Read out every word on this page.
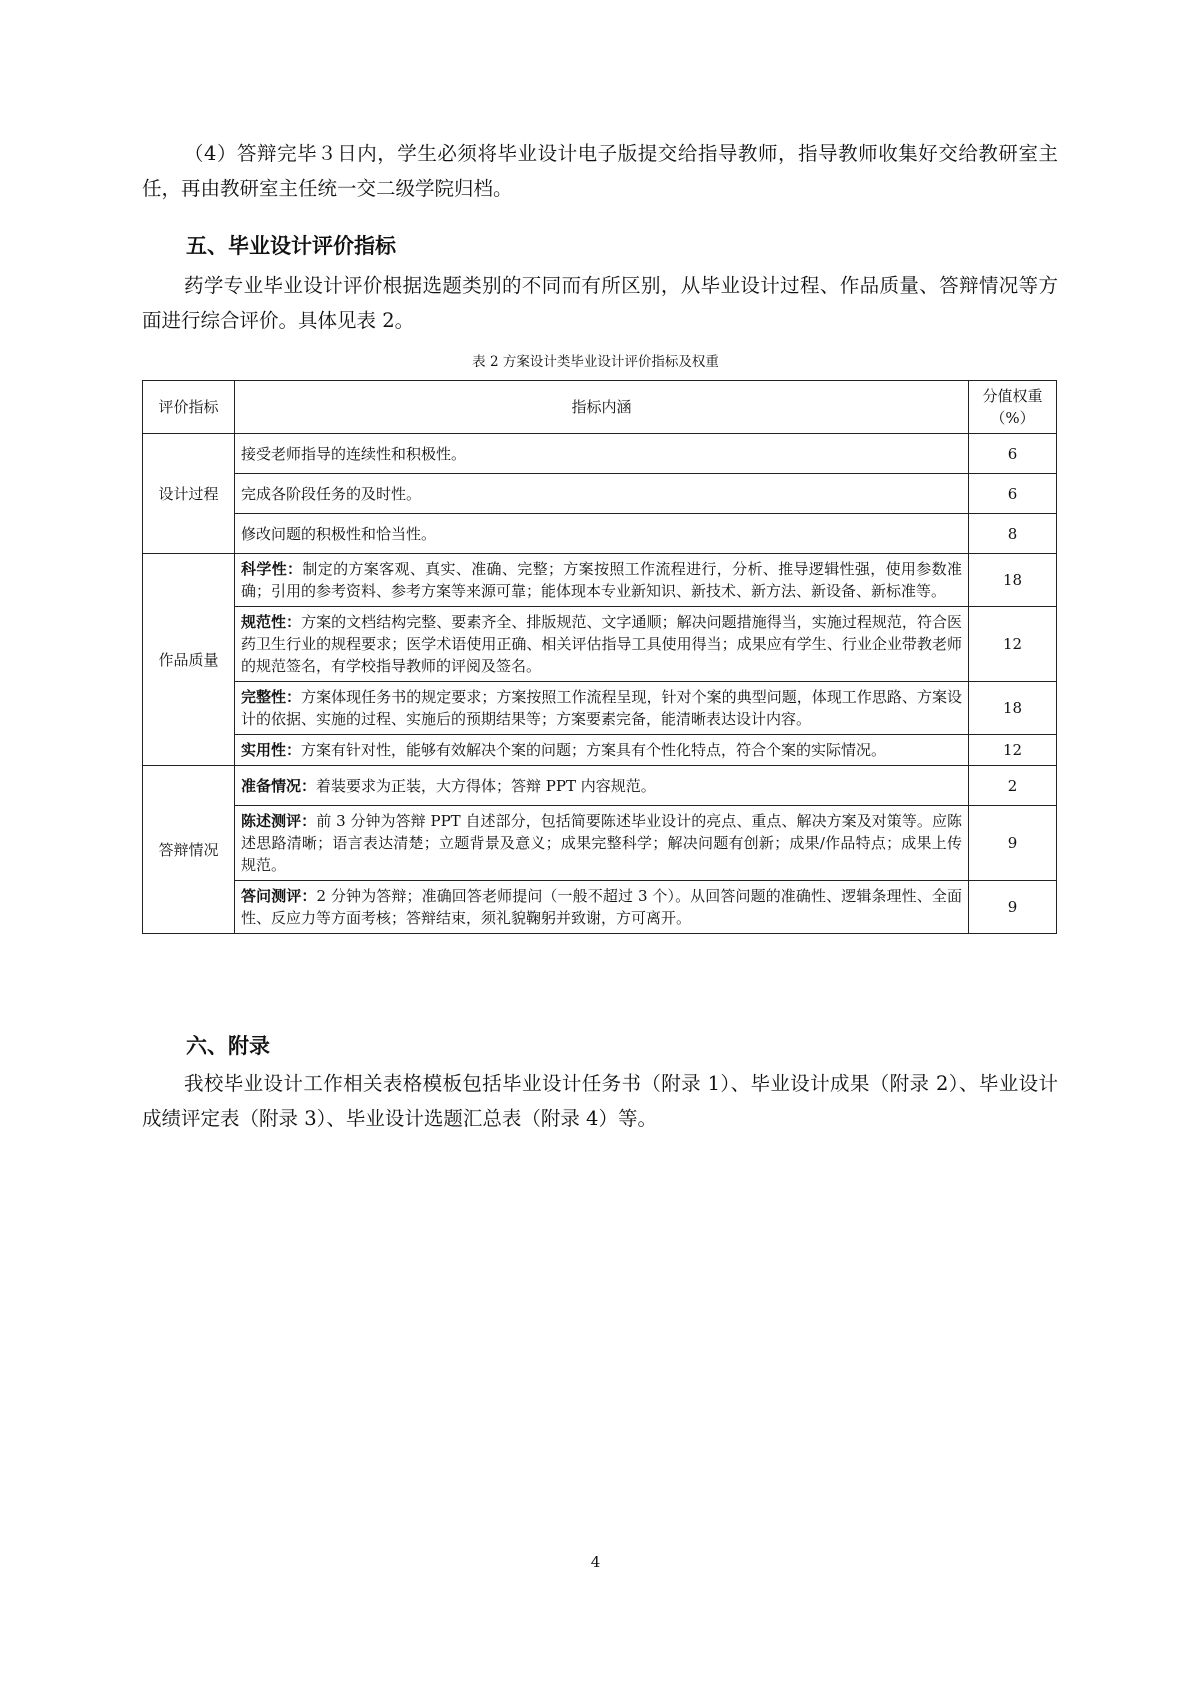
（4）答辩完毕３日内，学生必须将毕业设计电子版提交给指导教师，指导教师收集好交给教研室主任，再由教研室主任统一交二级学院归档。

五、毕业设计评价指标

药学专业毕业设计评价根据选题类别的不同而有所区别，从毕业设计过程、作品质量、答辩情况等方面进行综合评价。具体见表 2。

表 2 方案设计类毕业设计评价指标及权重
评价指标	指标内涵	分值权重（%）
设计过程	接受老师指导的连续性和积极性。	6
	完成各阶段任务的及时性。	6
	修改问题的积极性和恰当性。	8
作品质量	科学性：制定的方案客观、真实、准确、完整；方案按照工作流程进行，分析、推导逻辑性强，使用参数准确；引用的参考资料、参考方案等来源可靠；能体现本专业新知识、新技术、新方法、新设备、新标准等。	18
	规范性：方案的文档结构完整、要素齐全、排版规范、文字通顺；解决问题措施得当，实施过程规范，符合医药卫生行业的规程要求；医学术语使用正确、相关评估指导工具使用得当；成果应有学生、行业企业带教老师的规范签名，有学校指导教师的评阅及签名。	12
	完整性：方案体现任务书的规定要求；方案按照工作流程呈现，针对个案的典型问题，体现工作思路、方案设计的依据、实施的过程、实施后的预期结果等；方案要素完备，能清晰表达设计内容。	18
	实用性：方案有针对性，能够有效解决个案的问题；方案具有个性化特点，符合个案的实际情况。	12
答辩情况	准备情况：着装要求为正装，大方得体；答辩 PPT 内容规范。	2
	陈述测评：前 3 分钟为答辩 PPT 自述部分，包括简要陈述毕业设计的亮点、重点、解决方案及对策等。应陈述思路清晰；语言表达清楚；立题背景及意义；成果完整科学；解决问题有创新；成果/作品特点；成果上传规范。	9
	答问测评：2 分钟为答辩；准确回答老师提问（一般不超过 3 个）。从回答问题的准确性、逻辑条理性、全面性、反应力等方面考核；答辩结束，须礼貌鞠躬并致谢，方可离开。	9
六、附录

我校毕业设计工作相关表格模板包括毕业设计任务书（附录 1）、毕业设计成果（附录 2）、毕业设计成绩评定表（附录 3）、毕业设计选题汇总表（附录 4）等。

4
